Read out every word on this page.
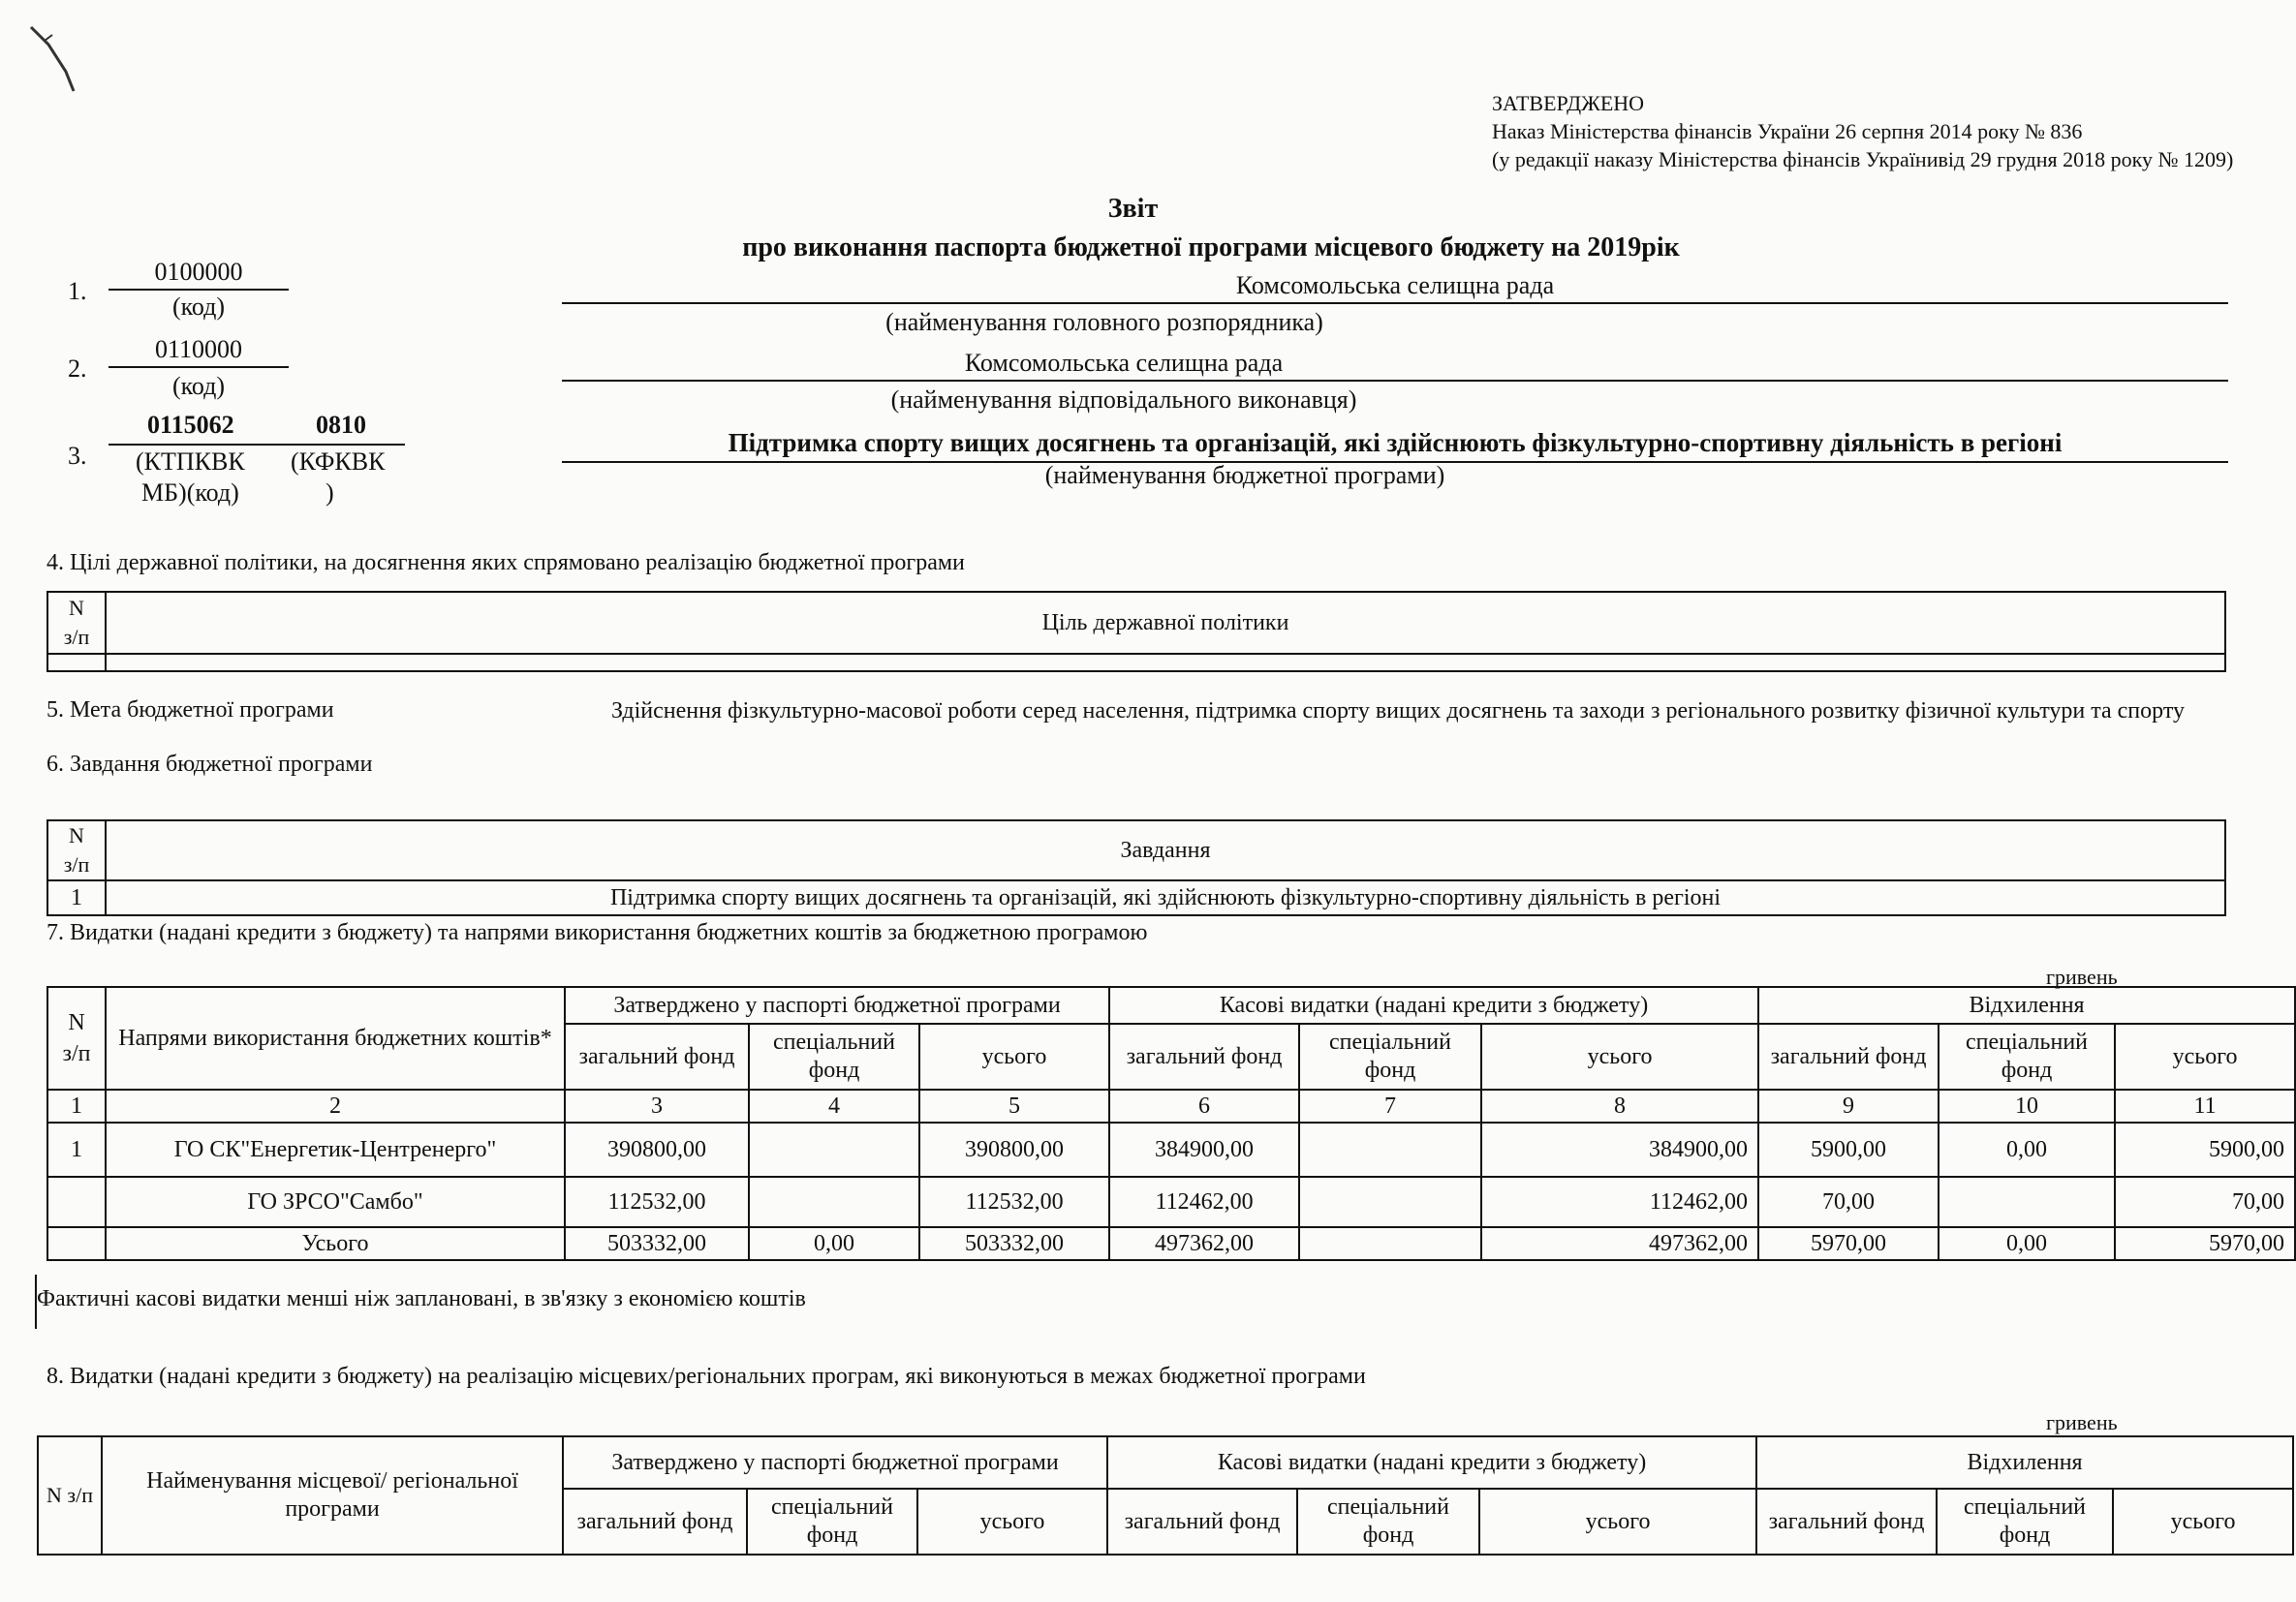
ЗАТВЕРДЖЕНО
Наказ Міністерства фінансів України 26 серпня 2014 року № 836
(у редакції наказу Міністерства фінансів Українивід 29 грудня 2018 року № 1209)
Звіт
про виконання паспорта бюджетної програми місцевого бюджету на 2019рік
1.
0100000
(код)
Комсомольська селищна рада
(найменування головного розпорядника)
2.
0110000
(код)
Комсомольська селищна рада
(найменування відповідального виконавця)
3.
0115062	0810
(КТПКВК
МБ)(код)
(КФКВК
)
Підтримка спорту вищих досягнень та організацій, які здійснюють фізкультурно-спортивну діяльність в регіоні
(найменування бюджетної програми)
4. Цілі державної політики, на досягнення яких спрямовано реалізацію бюджетної програми
N
з/п	Ціль державної політики

5. Мета бюджетної програми	Здійснення фізкультурно-масової роботи серед населення, підтримка спорту вищих досягнень та заходи з регіонального розвитку фізичної культури та спорту
6. Завдання бюджетної програми
N
з/п	Завдання
1	Підтримка спорту вищих досягнень та організацій, які здійснюють фізкультурно-спортивну діяльність в регіоні
7. Видатки (надані кредити з бюджету) та напрями використання бюджетних коштів за бюджетною програмою
гривень
N
з/п	Напрями використання бюджетних коштів*	Затверджено у паспорті бюджетної програми			Касові видатки (надані кредити з бюджету)			Відхилення		
		загальний фонд	спеціальний фонд	усього	загальний фонд	спеціальний фонд	усього	загальний фонд	спеціальний фонд	усього
1	2	3	4	5	6	7	8	9	10	11
1	ГО СК"Енергетик-Центренерго"	390800,00		390800,00	384900,00		384900,00	5900,00	0,00	5900,00
	ГО ЗРСО"Самбо"	112532,00		112532,00	112462,00		112462,00	70,00		70,00
	Усього	503332,00	0,00	503332,00	497362,00		497362,00	5970,00	0,00	5970,00
Фактичні касові видатки менші ніж заплановані, в зв'язку з економією коштів
8. Видатки (надані кредити з бюджету) на реалізацію місцевих/регіональних програм, які виконуються в межах бюджетної програми
гривень
N з/п	Найменування місцевої/ регіональної програми	Затверджено у паспорті бюджетної програми			Касові видатки (надані кредити з бюджету)			Відхилення		
		загальний фонд	спеціальний фонд	усього	загальний фонд	спеціальний фонд	усього	загальний фонд	спеціальний фонд	усього
